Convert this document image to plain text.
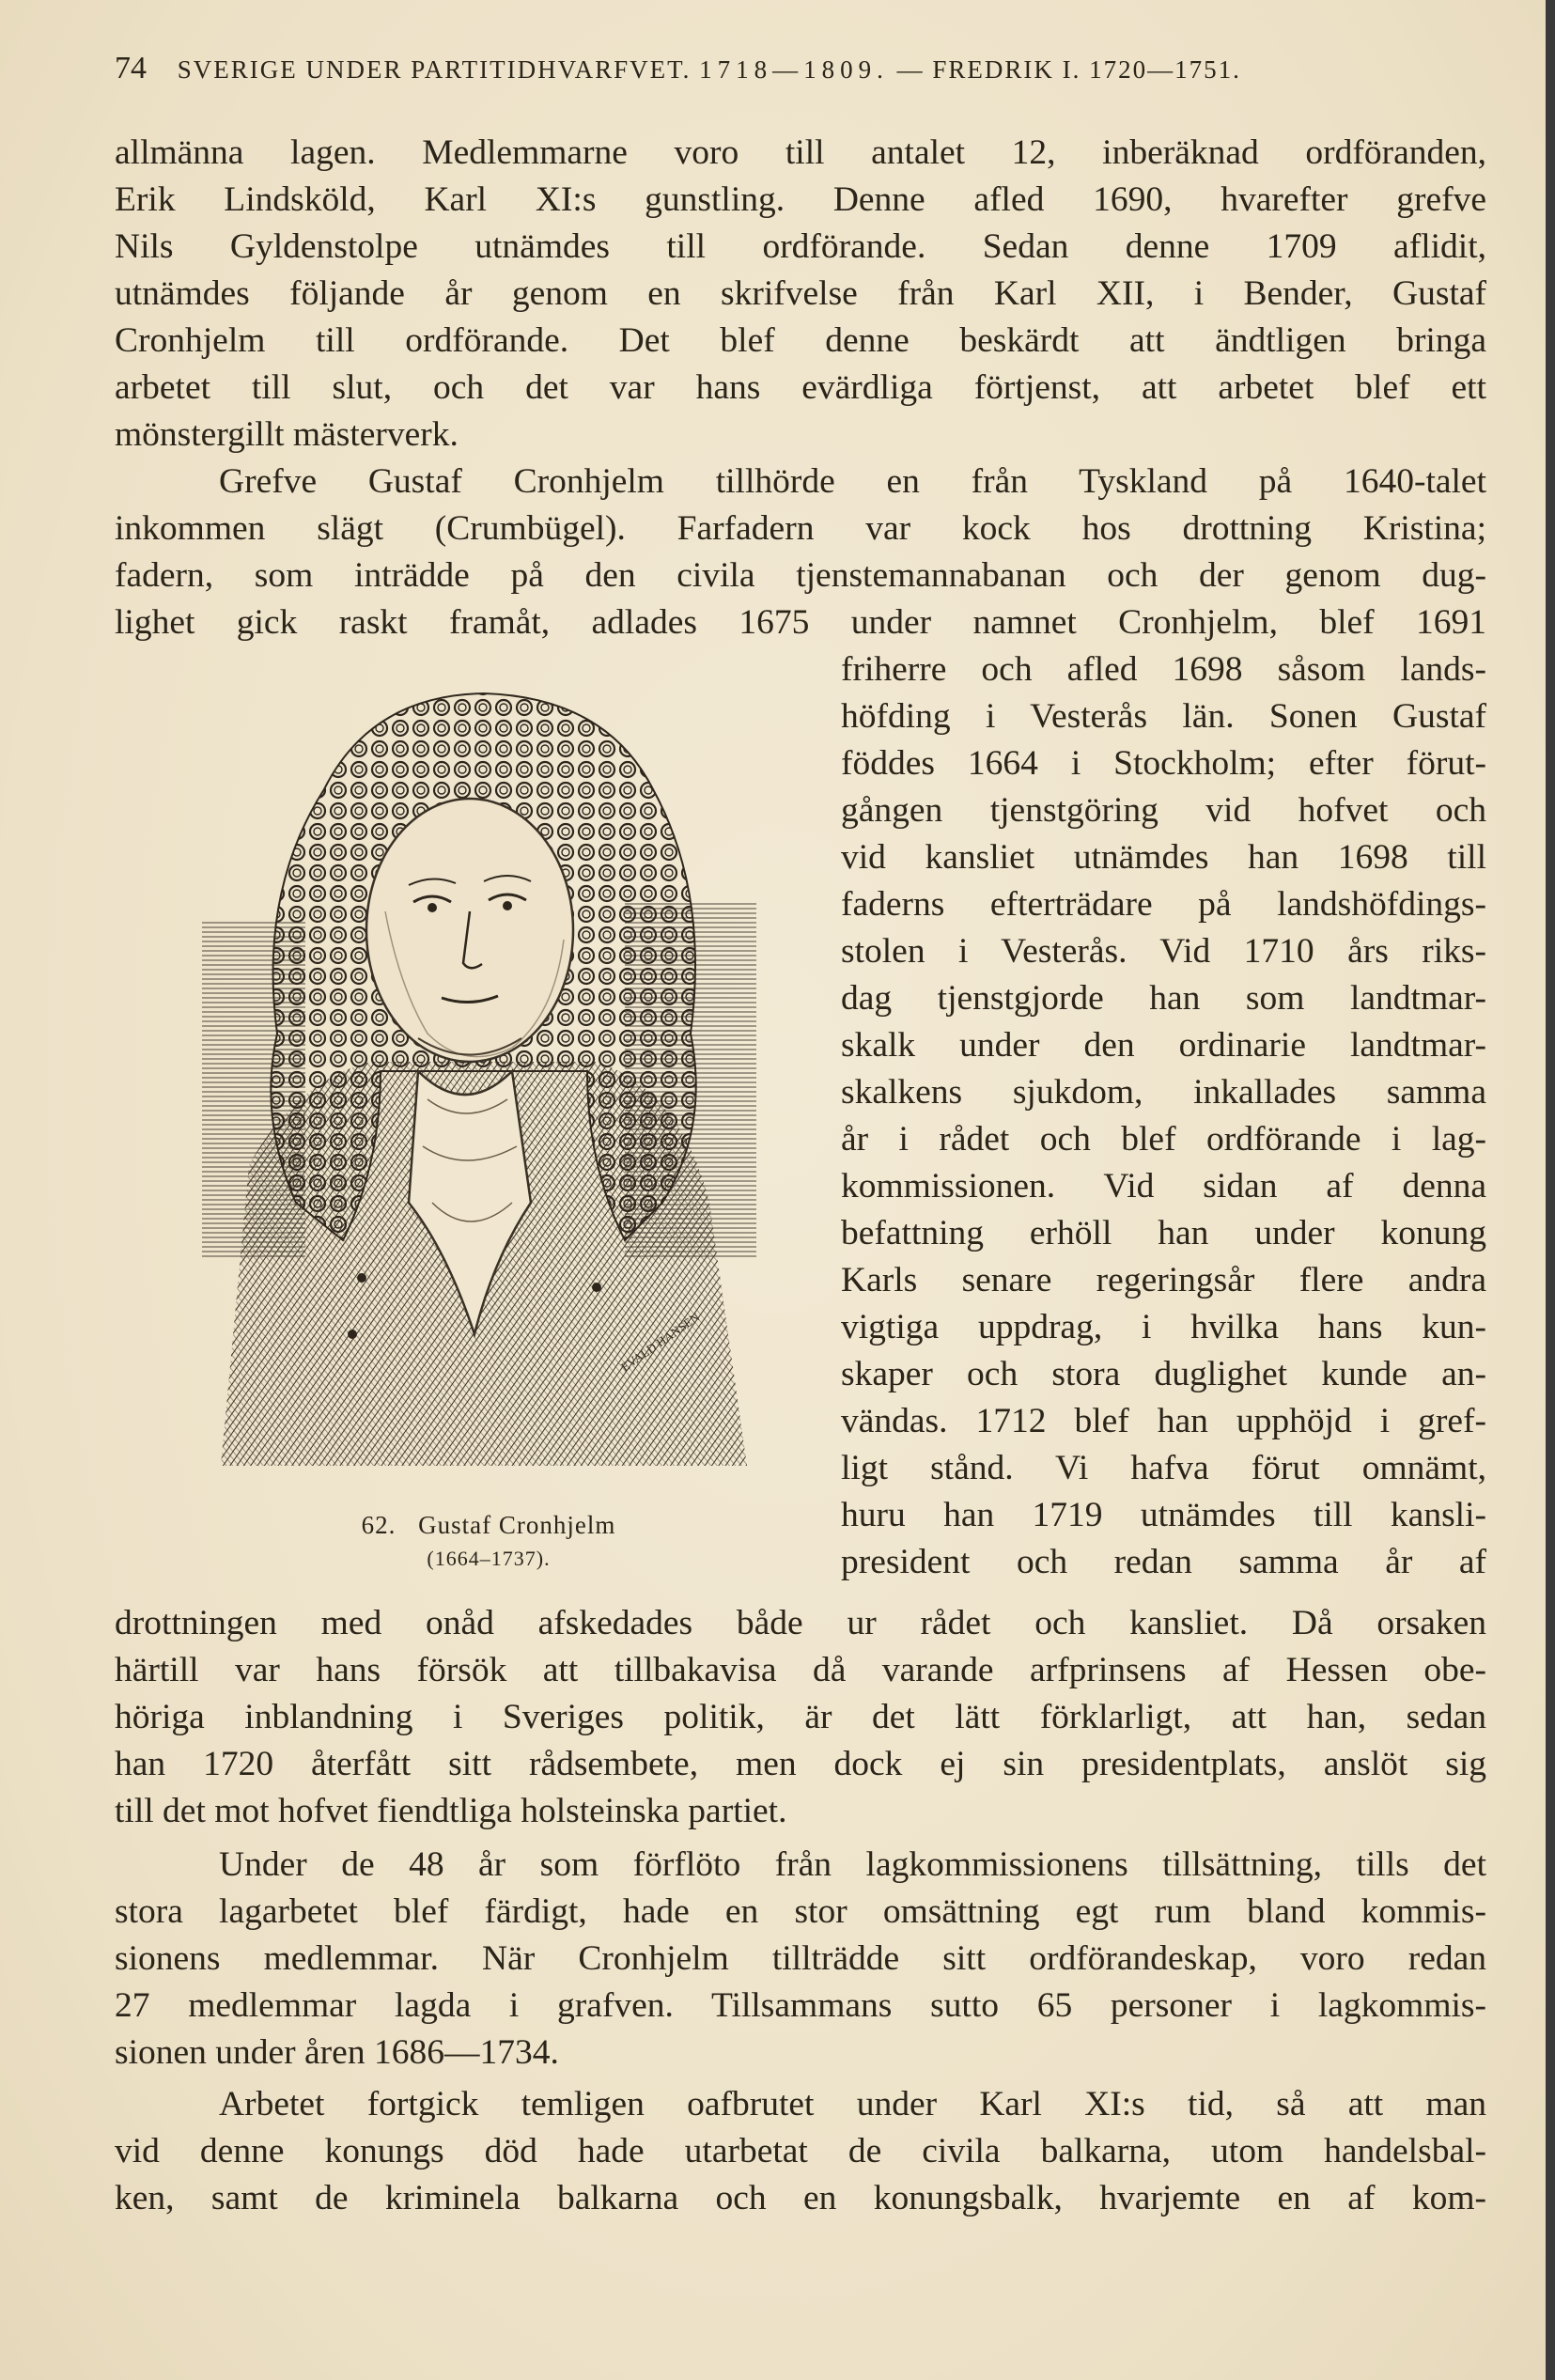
74 SVERIGE UNDER PARTITIDHVARFVET. 1718—1809. — FREDRIK I. 1720—1751.
allmänna lagen. Medlemmarne voro till antalet 12, inberäknad ordföranden,
Erik Lindsköld, Karl XI:s gunstling. Denne afled 1690, hvarefter grefve
Nils Gyldenstolpe utnämdes till ordförande. Sedan denne 1709 aflidit,
utnämdes följande år genom en skrifvelse från Karl XII, i Bender, Gustaf
Cronhjelm till ordförande. Det blef denne beskärdt att ändtligen bringa
arbetet till slut, och det var hans evärdliga förtjenst, att arbetet blef ett
mönstergillt mästerverk.
Grefve Gustaf Cronhjelm tillhörde en från Tyskland på 1640-talet
inkommen slägt (Crumbügel). Farfadern var kock hos drottning Kristina;
fadern, som inträdde på den civila tjenstemannabanan och der genom dug-
lighet gick raskt framåt, adlades 1675 under namnet Cronhjelm, blef 1691
friherre och afled 1698 såsom lands-
höfding i Vesterås län. Sonen Gustaf
föddes 1664 i Stockholm; efter förut-
gången tjenstgöring vid hofvet och
vid kansliet utnämdes han 1698 till
faderns efterträdare på landshöfdings-
stolen i Vesterås. Vid 1710 års riks-
dag tjenstgjorde han som landtmar-
skalk under den ordinarie landtmar-
skalkens sjukdom, inkallades samma
år i rådet och blef ordförande i lag-
kommissionen. Vid sidan af denna
befattning erhöll han under konung
Karls senare regeringsår flere andra
vigtiga uppdrag, i hvilka hans kun-
skaper och stora duglighet kunde an-
vändas. 1712 blef han upphöjd i gref-
ligt stånd. Vi hafva förut omnämt,
huru han 1719 utnämdes till kansli-
president och redan samma år af
drottningen med onåd afskedades både ur rådet och kansliet. Då orsaken
härtill var hans försök att tillbakavisa då varande arfprinsens af Hessen obe-
höriga inblandning i Sveriges politik, är det lätt förklarligt, att han, sedan
han 1720 återfått sitt rådsembete, men dock ej sin presidentplats, anslöt sig
till det mot hofvet fiendtliga holsteinska partiet.
Under de 48 år som förflöto från lagkommissionens tillsättning, tills det
stora lagarbetet blef färdigt, hade en stor omsättning egt rum bland kommis-
sionens medlemmar. När Cronhjelm tillträdde sitt ordförandeskap, voro redan
27 medlemmar lagda i grafven. Tillsammans sutto 65 personer i lagkommis-
sionen under åren 1686—1734.
Arbetet fortgick temligen oafbrutet under Karl XI:s tid, så att man
vid denne konungs död hade utarbetat de civila balkarna, utom handelsbal-
ken, samt de kriminela balkarna och en konungsbalk, hvarjemte en af kom-
EVALD HANSEN
62. Gustaf Cronhjelm
(1664–1737).
